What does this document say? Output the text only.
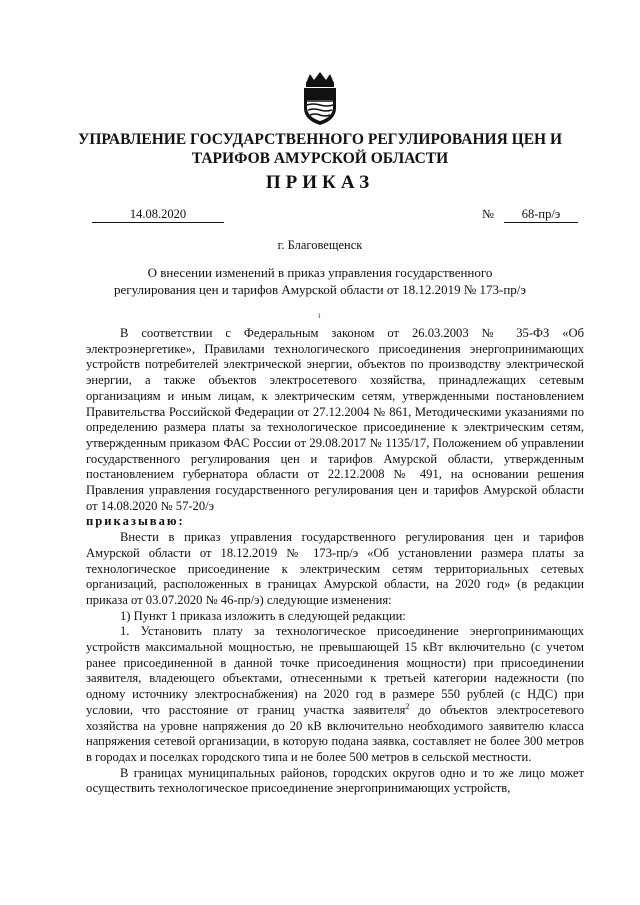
УПРАВЛЕНИЕ ГОСУДАРСТВЕННОГО РЕГУЛИРОВАНИЯ ЦЕН И
ТАРИФОВ АМУРСКОЙ ОБЛАСТИ
ПРИКАЗ
14.08.2020	№	68-пр/э
г. Благовещенск
О внесении изменений в приказ управления государственного
регулирования цен и тарифов Амурской области от 18.12.2019 № 173-пр/э
ı

В соответствии с Федеральным законом от 26.03.2003 № 35-ФЗ «Об электроэнергетике», Правилами технологического присоединения энергопринимающих устройств потребителей электрической энергии, объектов по производству электрической энергии, а также объектов электросетевого хозяйства, принадлежащих сетевым организациям и иным лицам, к электрическим сетям, утвержденными постановлением Правительства Российской Федерации от 27.12.2004 № 861, Методическими указаниями по определению размера платы за технологическое присоединение к электрическим сетям, утвержденным приказом ФАС России от 29.08.2017 № 1135/17, Положением об управлении государственного регулирования цен и тарифов Амурской области, утвержденным постановлением губернатора области от 22.12.2008 № 491, на основании решения Правления управления государственного регулирования цен и тарифов Амурской области от 14.08.2020 № 57-20/э

приказываю:

Внести в приказ управления государственного регулирования цен и тарифов Амурской области от 18.12.2019 № 173-пр/э «Об установлении размера платы за технологическое присоединение к электрическим сетям территориальных сетевых организаций, расположенных в границах Амурской области, на 2020 год» (в редакции приказа от 03.07.2020 № 46-пр/э) следующие изменения:

1) Пункт 1 приказа изложить в следующей редакции:

1. Установить плату за технологическое присоединение энергопринимающих устройств максимальной мощностью, не превышающей 15 кВт включительно (с учетом ранее присоединенной в данной точке присоединения мощности) при присоединении заявителя, владеющего объектами, отнесенными к третьей категории надежности (по одному источнику электроснабжения) на 2020 год в размере 550 рублей (с НДС) при условии, что расстояние от границ участка заявителя$^2$ до объектов электросетевого хозяйства на уровне напряжения до 20 кВ включительно необходимого заявителю класса напряжения сетевой организации, в которую подана заявка, составляет не более 300 метров в городах и поселках городского типа и не более 500 метров в сельской местности.

В границах муниципальных районов, городских округов одно и то же лицо может осуществить технологическое присоединение энергопринимающих устройств,
